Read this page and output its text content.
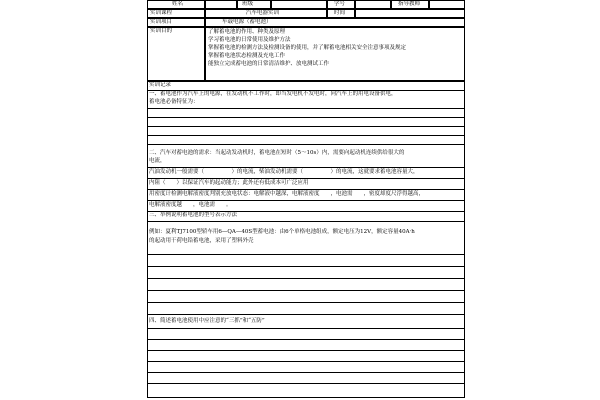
姓名	班级	学号	指导教师
实训课程	汽车电器实训	时间
实训项目	车载电源（蓄电池）
实训目的	了解蓄电池的作用、种类及原理
学习蓄电池的日常使用及维护方法
掌握蓄电池的检测方法及检测设备的使用，并了解蓄电池相关安全注意事项及规定
掌握蓄电池状态检测及充电工作
能独立完成蓄电池的日常清洁维护、放电测试工作
实训记录
一、蓄电池作为汽车上的电源，在发动机不工作时，即当发电机不发电时，向汽车上的用电设备供电，
蓄电池必备特征为：
二、汽车对蓄电池的需求：当起动发动机时，蓄电池在短时（5～10s）内，需要向起动机连续供给很大的
电流，
汽油发动机一般需要（　　　　　）的电流，柴油发动机需要（　　　　　）的电流，这就要求蓄电池容量大，
内阻（　　）以保证汽车的起动能力；此外还有低成本可广泛应用
用密度计检测电解液密度判别充放电状态：电解液中越深，电解液密度　　，电池需　　，密度却度尺浮得越高，
电解液密度越　　，电池需　　。
三、举例说明蓄电池的型号表示方法
例如：夏利TJ7100型轿车用6—QA—40S型蓄电池：由6个单格电池组成，额定电压为12V，额定容量40A·h
的起动用干荷电铅蓄电池，采用了塑料外壳
四、简述蓄电池使用中应注意的“三抓”和“五防”
